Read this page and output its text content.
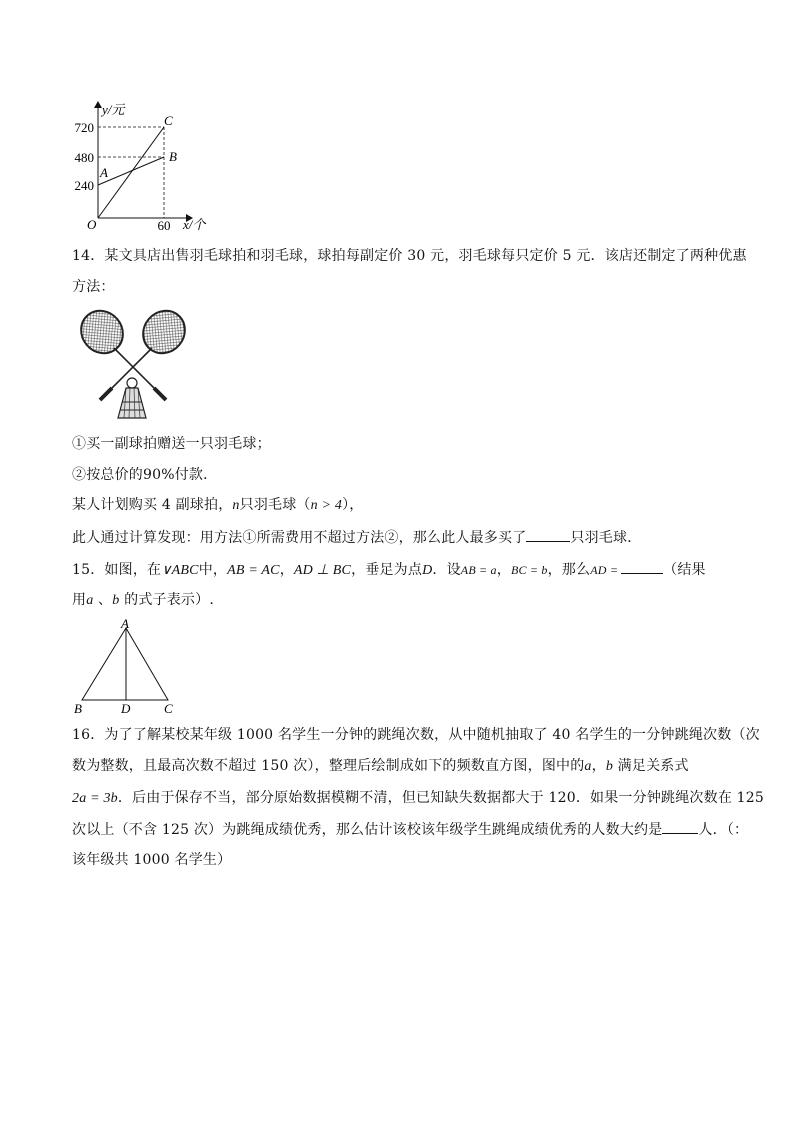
y/元
720
480
240
O	60 x/个
A
B
C
14．某文具店出售羽毛球拍和羽毛球，球拍每副定价 30 元，羽毛球每只定价 5 元．该店还制定了两种优惠
方法：
①买一副球拍赠送一只羽毛球；
②按总价的90%付款．
某人计划购买 4 副球拍，n只羽毛球（n > 4），
此人通过计算发现：用方法①所需费用不超过方法②，那么此人最多买了	只羽毛球．
15．如图，在∨ABC中，AB = AC，AD ⊥ BC，垂足为点D．设AB = a，BC = b，那么AD =	（结果
用a 、b 的式子表示）.
A
B	D	C
16．为了了解某校某年级 1000 名学生一分钟的跳绳次数，从中随机抽取了 40 名学生的一分钟跳绳次数（次
数为整数，且最高次数不超过 150 次），整理后绘制成如下的频数直方图，图中的a，b 满足关系式
2a = 3b．后由于保存不当，部分原始数据模糊不清，但已知缺失数据都大于 120．如果一分钟跳绳次数在 125
次以上（不含 125 次）为跳绳成绩优秀，那么估计该校该年级学生跳绳成绩优秀的人数大约是	人．（：
该年级共 1000 名学生）
